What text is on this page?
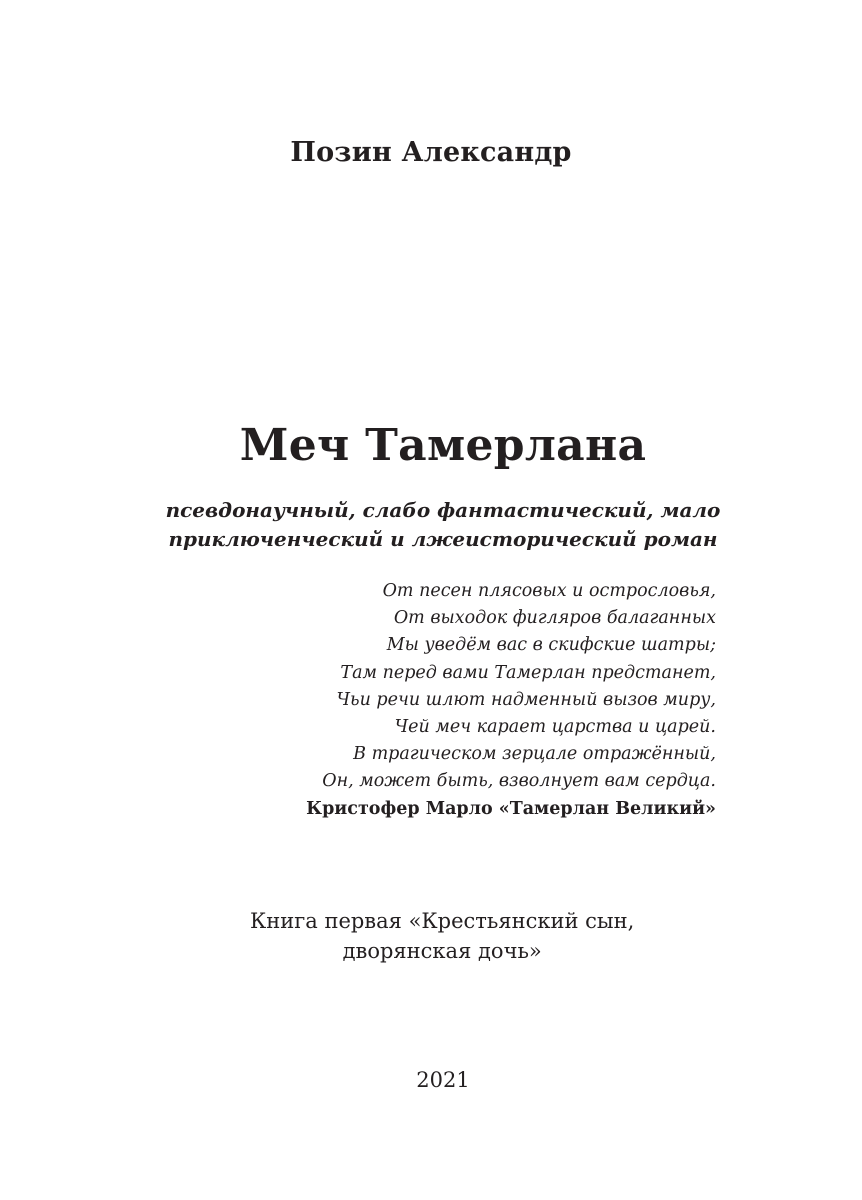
Позин Александр

Меч Тамерлана

псевдонаучный, слабо фантастический, мало
приключенческий и лжеисторический роман

От песен плясовых и острословья,
От выходок фигляров балаганных
Мы уведём вас в скифские шатры;
Там перед вами Тамерлан предстанет,
Чьи речи шлют надменный вызов миру,
Чей меч карает царства и царей.
В трагическом зерцале отражённый,
Он, может быть, взволнует вам сердца.
Кристофер Марло «Тамерлан Великий»

Книга первая «Крестьянский сын,
дворянская дочь»

2021
